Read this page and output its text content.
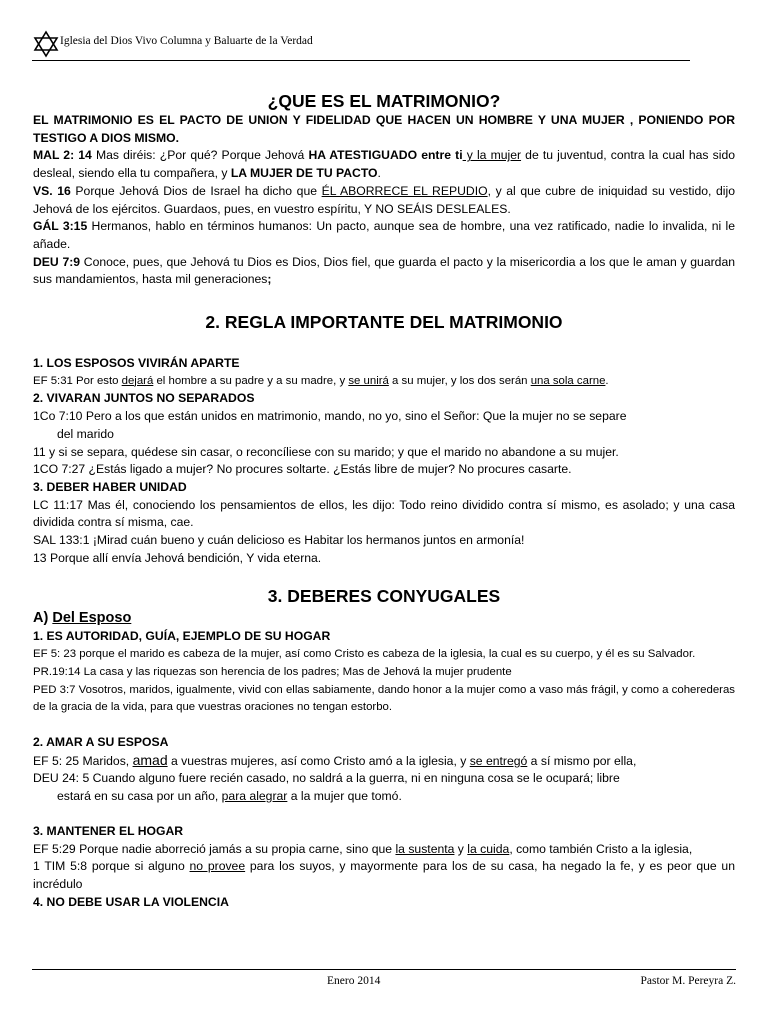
Iglesia del Dios Vivo Columna y Baluarte de la Verdad
¿QUE ES EL MATRIMONIO?

EL MATRIMONIO ES EL PACTO DE UNION Y FIDELIDAD QUE HACEN UN HOMBRE Y UNA MUJER , PONIENDO POR TESTIGO A DIOS MISMO.

MAL 2: 14 Mas diréis: ¿Por qué? Porque Jehová HA ATESTIGUADO entre ti y la mujer de tu juventud, contra la cual has sido desleal, siendo ella tu compañera, y LA MUJER DE TU PACTO.

VS. 16 Porque Jehová Dios de Israel ha dicho que ÉL ABORRECE EL REPUDIO, y al que cubre de iniquidad su vestido, dijo Jehová de los ejércitos. Guardaos, pues, en vuestro espíritu, Y NO SEÁIS DESLEALES.

GÁL 3:15 Hermanos, hablo en términos humanos: Un pacto, aunque sea de hombre, una vez ratificado, nadie lo invalida, ni le añade.

DEU 7:9 Conoce, pues, que Jehová tu Dios es Dios, Dios fiel, que guarda el pacto y la misericordia a los que le aman y guardan sus mandamientos, hasta mil generaciones;

2. REGLA IMPORTANTE DEL MATRIMONIO

1. LOS ESPOSOS VIVIRÁN APARTE

EF 5:31 Por esto dejará el hombre a su padre y a su madre, y se unirá a su mujer, y los dos serán una sola carne.

2. VIVARAN JUNTOS NO SEPARADOS

1Co 7:10 Pero a los que están unidos en matrimonio, mando, no yo, sino el Señor: Que la mujer no se separe

del marido

11 y si se separa, quédese sin casar, o reconcíliese con su marido; y que el marido no abandone a su mujer.

1CO 7:27 ¿Estás ligado a mujer? No procures soltarte. ¿Estás libre de mujer? No procures casarte.

3. DEBER HABER UNIDAD

LC 11:17 Mas él, conociendo los pensamientos de ellos, les dijo: Todo reino dividido contra sí mismo, es asolado; y una casa dividida contra sí misma, cae.

SAL 133:1 ¡Mirad cuán bueno y cuán delicioso es Habitar los hermanos juntos en armonía!

13 Porque allí envía Jehová bendición, Y vida eterna.

3. DEBERES CONYUGALES

A) Del Esposo

1. ES AUTORIDAD, GUÍA, EJEMPLO DE SU HOGAR

EF 5: 23 porque el marido es cabeza de la mujer, así como Cristo es cabeza de la iglesia, la cual es su cuerpo, y él es su Salvador.

PR.19:14 La casa y las riquezas son herencia de los padres; Mas de Jehová la mujer prudente

PED 3:7 Vosotros, maridos, igualmente, vivid con ellas sabiamente, dando honor a la mujer como a vaso más frágil, y como a coherederas de la gracia de la vida, para que vuestras oraciones no tengan estorbo.

2. AMAR A SU ESPOSA

EF 5: 25 Maridos, amad a vuestras mujeres, así como Cristo amó a la iglesia, y se entregó a sí mismo por ella,

DEU 24: 5 Cuando alguno fuere recién casado, no saldrá a la guerra, ni en ninguna cosa se le ocupará; libre

estará en su casa por un año, para alegrar a la mujer que tomó.

3. MANTENER EL HOGAR

EF 5:29 Porque nadie aborreció jamás a su propia carne, sino que la sustenta y la cuida, como también Cristo a la iglesia,

1 TIM 5:8 porque si alguno no provee para los suyos, y mayormente para los de su casa, ha negado la fe, y es peor que un incrédulo

4. NO DEBE USAR LA VIOLENCIA

Enero 2014	Pastor M. Pereyra Z.
